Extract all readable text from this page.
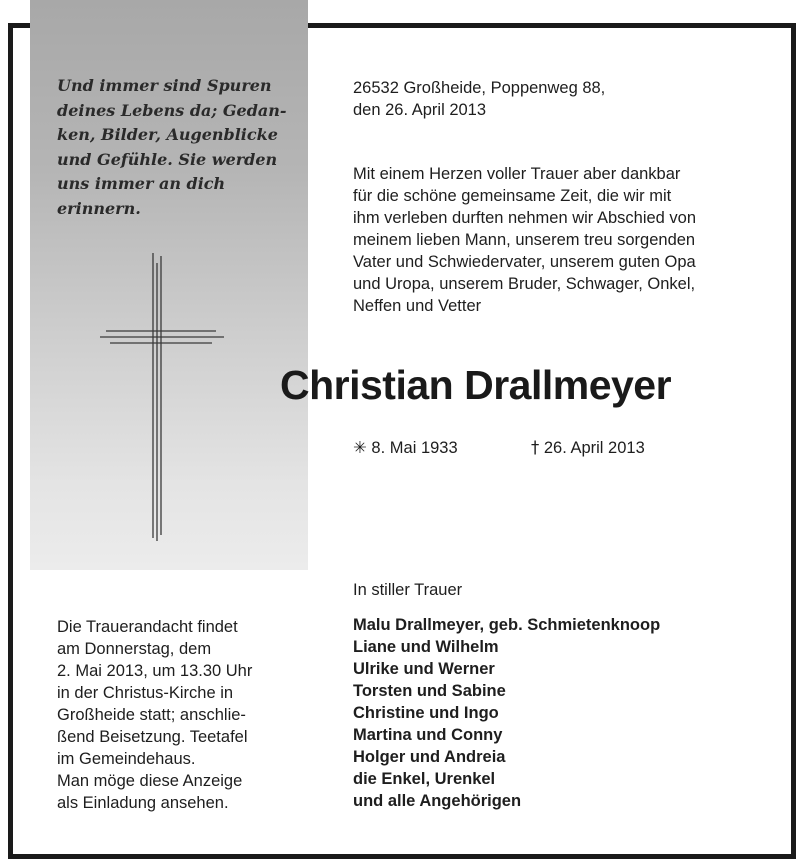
Und immer sind Spuren
deines Lebens da; Gedan-
ken, Bilder, Augenblicke
und Gefühle. Sie werden
uns immer an dich
erinnern.

26532 Großheide, Poppenweg 88,
den 26. April 2013
Mit einem Herzen voller Trauer aber dankbar
für die schöne gemeinsame Zeit, die wir mit
ihm verleben durften nehmen wir Abschied von
meinem lieben Mann, unserem treu sorgenden
Vater und Schwiedervater, unserem guten Opa
und Uropa, unserem Bruder, Schwager, Onkel,
Neffen und Vetter
Christian Drallmeyer
✳ 8. Mai 1933	† 26. April 2013
Die Trauerandacht findet
am Donnerstag, dem
2. Mai 2013, um 13.30 Uhr
in der Christus-Kirche in
Großheide statt; anschlie-
ßend Beisetzung. Teetafel
im Gemeindehaus.
Man möge diese Anzeige
als Einladung ansehen.
In stiller Trauer
Malu Drallmeyer, geb. Schmietenknoop
Liane und Wilhelm
Ulrike und Werner
Torsten und Sabine
Christine und Ingo
Martina und Conny
Holger und Andreia
die Enkel, Urenkel
und alle Angehörigen
